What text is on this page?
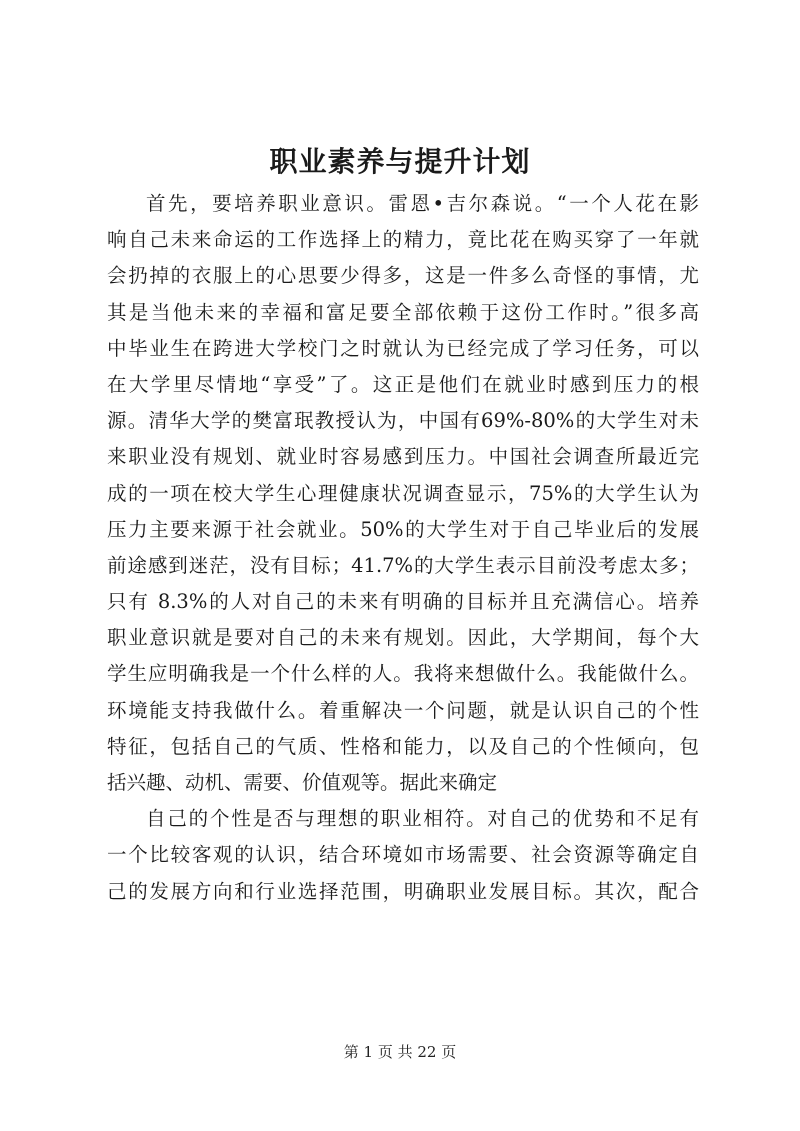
职业素养与提升计划
首先，要培养职业意识。雷恩•吉尔森说。“一个人花在影
响自己未来命运的工作选择上的精力，竟比花在购买穿了一年就
会扔掉的衣服上的心思要少得多，这是一件多么奇怪的事情，尤
其是当他未来的幸福和富足要全部依赖于这份工作时。”很多高
中毕业生在跨进大学校门之时就认为已经完成了学习任务，可以
在大学里尽情地“享受”了。这正是他们在就业时感到压力的根
源。清华大学的樊富珉教授认为，中国有69%-80%的大学生对未
来职业没有规划、就业时容易感到压力。中国社会调查所最近完
成的一项在校大学生心理健康状况调查显示，75%的大学生认为
压力主要来源于社会就业。50%的大学生对于自己毕业后的发展
前途感到迷茫，没有目标；41.7%的大学生表示目前没考虑太多；
只有 8.3%的人对自己的未来有明确的目标并且充满信心。培养
职业意识就是要对自己的未来有规划。因此，大学期间，每个大
学生应明确我是一个什么样的人。我将来想做什么。我能做什么。
环境能支持我做什么。着重解决一个问题，就是认识自己的个性
特征，包括自己的气质、性格和能力，以及自己的个性倾向，包
括兴趣、动机、需要、价值观等。据此来确定
自己的个性是否与理想的职业相符。对自己的优势和不足有
一个比较客观的认识，结合环境如市场需要、社会资源等确定自
己的发展方向和行业选择范围，明确职业发展目标。其次，配合
第 1 页 共 22 页
